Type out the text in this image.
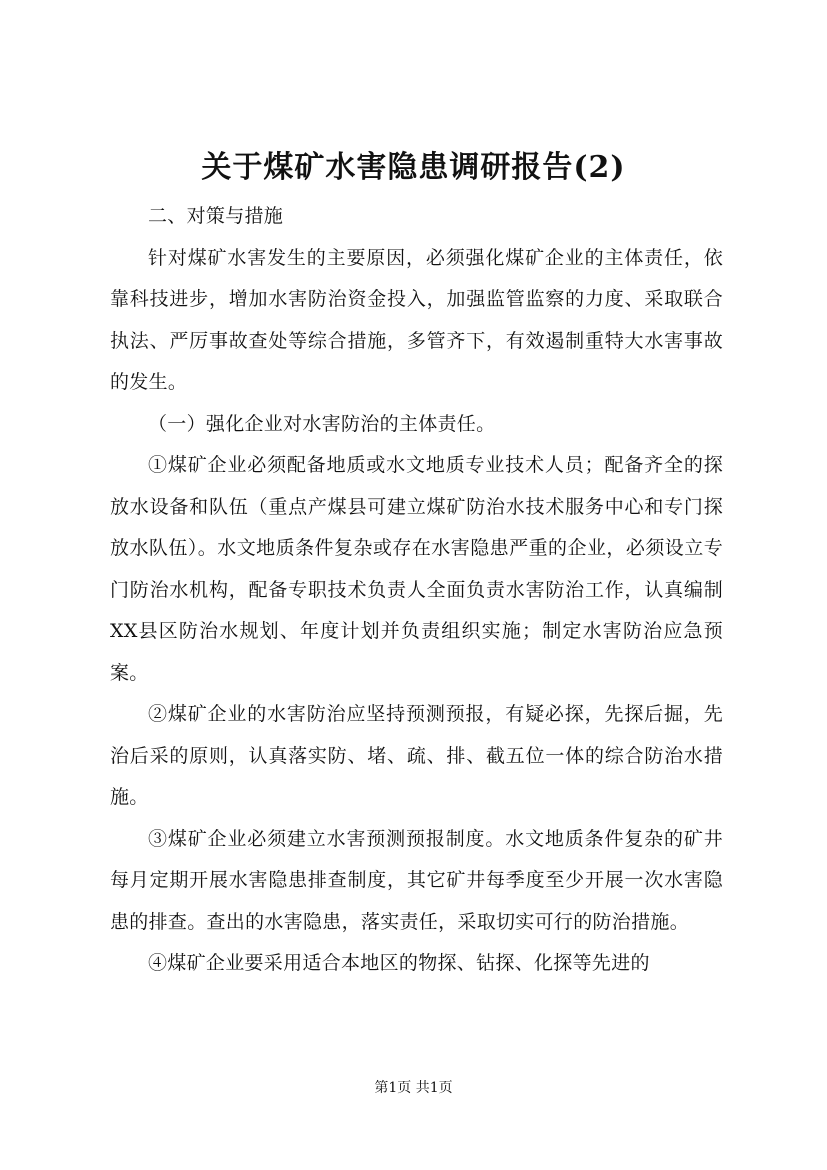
关于煤矿水害隐患调研报告(2)

二、对策与措施

针对煤矿水害发生的主要原因，必须强化煤矿企业的主体责任，依靠科技进步，增加水害防治资金投入，加强监管监察的力度、采取联合执法、严厉事故查处等综合措施，多管齐下，有效遏制重特大水害事故的发生。

（一）强化企业对水害防治的主体责任。

①煤矿企业必须配备地质或水文地质专业技术人员；配备齐全的探放水设备和队伍（重点产煤县可建立煤矿防治水技术服务中心和专门探放水队伍）。水文地质条件复杂或存在水害隐患严重的企业，必须设立专门防治水机构，配备专职技术负责人全面负责水害防治工作，认真编制XX县区防治水规划、年度计划并负责组织实施；制定水害防治应急预案。

②煤矿企业的水害防治应坚持预测预报，有疑必探，先探后掘，先治后采的原则，认真落实防、堵、疏、排、截五位一体的综合防治水措施。

③煤矿企业必须建立水害预测预报制度。水文地质条件复杂的矿井每月定期开展水害隐患排查制度，其它矿井每季度至少开展一次水害隐患的排查。查出的水害隐患，落实责任，采取切实可行的防治措施。

④煤矿企业要采用适合本地区的物探、钻探、化探等先进的

第1页 共1页
